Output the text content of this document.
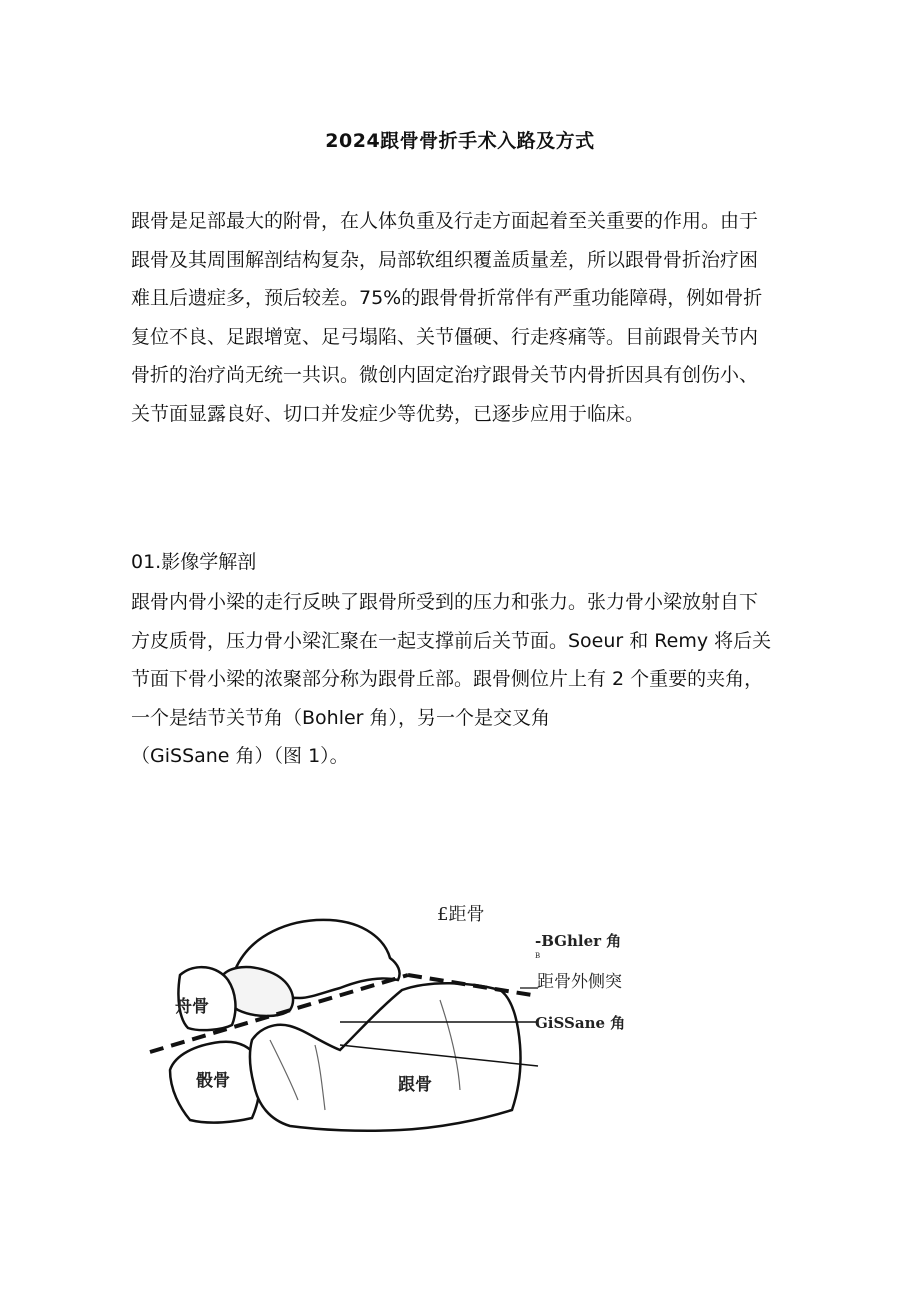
2024跟骨骨折手术入路及方式
跟骨是足部最大的附骨，在人体负重及行走方面起着至关重要的作用。由于
跟骨及其周围解剖结构复杂，局部软组织覆盖质量差，所以跟骨骨折治疗困
难且后遗症多，预后较差。75%的跟骨骨折常伴有严重功能障碍，例如骨折
复位不良、足跟增宽、足弓塌陷、关节僵硬、行走疼痛等。目前跟骨关节内
骨折的治疗尚无统一共识。微创内固定治疗跟骨关节内骨折因具有创伤小、
关节面显露良好、切口并发症少等优势，已逐步应用于临床。
01.影像学解剖
跟骨内骨小梁的走行反映了跟骨所受到的压力和张力。张力骨小梁放射自下
方皮质骨，压力骨小梁汇聚在一起支撑前后关节面。Soeur 和 Remy 将后关
节面下骨小梁的浓聚部分称为跟骨丘部。跟骨侧位片上有 2 个重要的夹角，
一个是结节关节角（Bohler 角），另一个是交叉角
（GiSSane 角）（图 1）。
£距骨
-BGhler 角
B
距骨外侧突
GiSSane 角
舟骨
骰骨	跟骨
